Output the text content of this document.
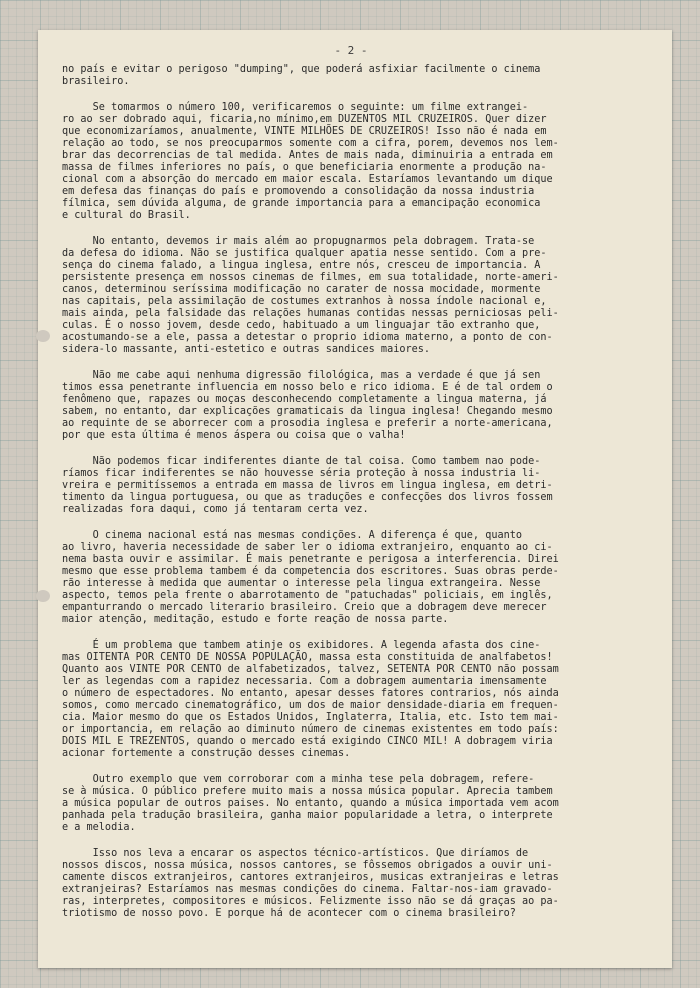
- 2 -
no país e evitar o perigoso "dumping", que poderá asfixiar facilmente o cinema
brasileiro.
Se tomarmos o número 100, verificaremos o seguinte: um filme extrangei-
ro ao ser dobrado aqui, ficaria,no mínimo,em DUZENTOS MIL CRUZEIROS. Quer dizer
que economizaríamos, anualmente, VINTE MILHÕES DE CRUZEIROS! Isso não é nada em
relação ao todo, se nos preocuparmos somente com a cifra, porem, devemos nos lem-
brar das decorrencias de tal medida. Antes de mais nada, diminuiria a entrada em
massa de filmes inferiores no país, o que beneficiaria enormente a produção na-
cional com a absorção do mercado em maior escala. Estaríamos levantando um dique
em defesa das finanças do país e promovendo a consolidação da nossa industria
fílmica, sem dúvida alguma, de grande importancia para a emancipação economica
e cultural do Brasil.
No entanto, devemos ir mais além ao propugnarmos pela dobragem. Trata-se
da defesa do idioma. Não se justifica qualquer apatia nesse sentido. Com a pre-
sença do cinema falado, a lingua inglesa, entre nós, cresceu de importancia. A
persistente presença em nossos cinemas de filmes, em sua totalidade, norte-ameri-
canos, determinou seríssima modificação no carater de nossa mocidade, mormente
nas capitais, pela assimilação de costumes extranhos à nossa índole nacional e,
mais ainda, pela falsidade das relações humanas contidas nessas perniciosas peli-
culas. É o nosso jovem, desde cedo, habituado a um linguajar tão extranho que,
acostumando-se a ele, passa a detestar o proprio idioma materno, a ponto de con-
sidera-lo massante, anti-estetico e outras sandices maiores.
Não me cabe aqui nenhuma digressão filológica, mas a verdade é que já sen
timos essa penetrante influencia em nosso belo e rico idioma. E é de tal ordem o
fenômeno que, rapazes ou moças desconhecendo completamente a lingua materna, já
sabem, no entanto, dar explicações gramaticais da lingua inglesa! Chegando mesmo
ao requinte de se aborrecer com a prosodia inglesa e preferir a norte-americana,
por que esta última é menos áspera ou coisa que o valha!
Não podemos ficar indiferentes diante de tal coisa. Como tambem nao pode-
ríamos ficar indiferentes se não houvesse séria proteção à nossa industria li-
vreira e permitíssemos a entrada em massa de livros em lingua inglesa, em detri-
timento da lingua portuguesa, ou que as traduções e confecções dos livros fossem
realizadas fora daqui, como já tentaram certa vez.
O cinema nacional está nas mesmas condições. A diferença é que, quanto
ao livro, haveria necessidade de saber ler o idioma extranjeiro, enquanto ao ci-
nema basta ouvir e assimilar. É mais penetrante e perigosa a interferencia. Direi
mesmo que esse problema tambem é da competencia dos escritores. Suas obras perde-
rão interesse à medida que aumentar o interesse pela lingua extrangeira. Nesse
aspecto, temos pela frente o abarrotamento de "patuchadas" policiais, em inglês,
empanturrando o mercado literario brasileiro. Creio que a dobragem deve merecer
maior atenção, meditação, estudo e forte reação de nossa parte.
É um problema que tambem atinje os exibidores. A legenda afasta dos cine-
mas OITENTA POR CENTO DE NOSSA POPULAÇÃO, massa esta constituida de analfabetos!
Quanto aos VINTE POR CENTO de alfabetizados, talvez, SETENTA POR CENTO não possam
ler as legendas com a rapidez necessaria. Com a dobragem aumentaria imensamente
o número de espectadores. No entanto, apesar desses fatores contrarios, nós ainda
somos, como mercado cinematográfico, um dos de maior densidade-diaria em frequen-
cia. Maior mesmo do que os Estados Unidos, Inglaterra, Italia, etc. Isto tem mai-
or importancia, em relação ao diminuto número de cinemas existentes em todo país:
DOIS MIL E TREZENTOS, quando o mercado está exigindo CINCO MIL! A dobragem viria
acionar fortemente a construção desses cinemas.
Outro exemplo que vem corroborar com a minha tese pela dobragem, refere-
se à música. O público prefere muito mais a nossa música popular. Aprecia tambem
a música popular de outros paises. No entanto, quando a música importada vem acom
panhada pela tradução brasileira, ganha maior popularidade a letra, o interprete
e a melodia.
Isso nos leva a encarar os aspectos técnico-artísticos. Que diríamos de
nossos discos, nossa música, nossos cantores, se fôssemos obrigados a ouvir uni-
camente discos extranjeiros, cantores extranjeiros, musicas extranjeiras e letras
extranjeiras? Estaríamos nas mesmas condições do cinema. Faltar-nos-iam gravado-
ras, interpretes, compositores e músicos. Felizmente isso não se dá graças ao pa-
triotismo de nosso povo. E porque há de acontecer com o cinema brasileiro?
